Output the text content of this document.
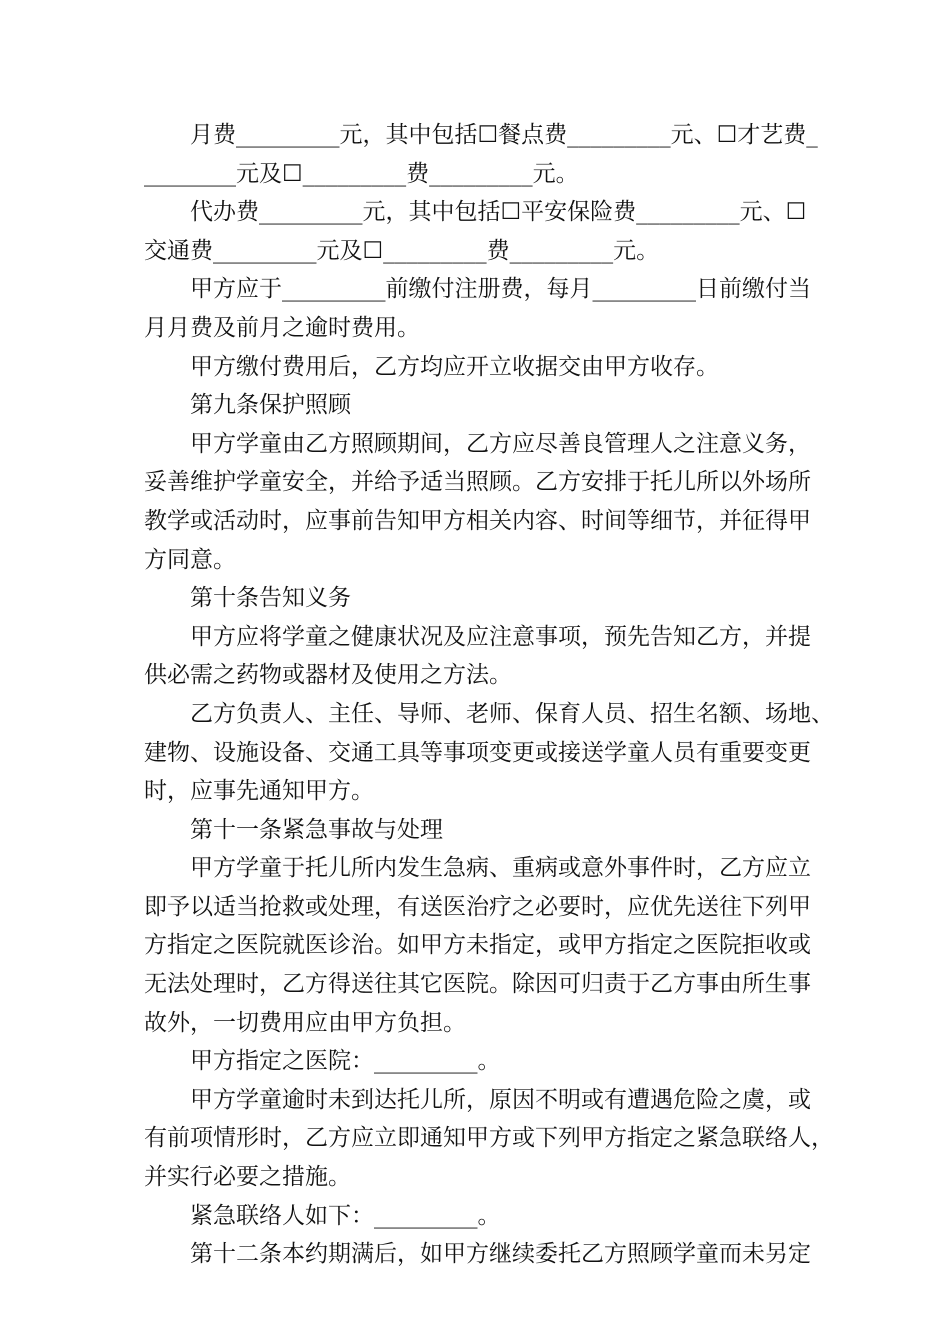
月费_________元，其中包括☐餐点费_________元、☐才艺费_
________元及☐_________费_________元。
代办费_________元，其中包括☐平安保险费_________元、☐
交通费_________元及☐_________费_________元。
甲方应于_________前缴付注册费，每月_________日前缴付当
月月费及前月之逾时费用。
甲方缴付费用后，乙方均应开立收据交由甲方收存。
第九条保护照顾
甲方学童由乙方照顾期间，乙方应尽善良管理人之注意义务，
妥善维护学童安全，并给予适当照顾。乙方安排于托儿所以外场所
教学或活动时，应事前告知甲方相关内容、时间等细节，并征得甲
方同意。
第十条告知义务
甲方应将学童之健康状况及应注意事项，预先告知乙方，并提
供必需之药物或器材及使用之方法。
乙方负责人、主任、导师、老师、保育人员、招生名额、场地、
建物、设施设备、交通工具等事项变更或接送学童人员有重要变更
时，应事先通知甲方。
第十一条紧急事故与处理
甲方学童于托儿所内发生急病、重病或意外事件时，乙方应立
即予以适当抢救或处理，有送医治疗之必要时，应优先送往下列甲
方指定之医院就医诊治。如甲方未指定，或甲方指定之医院拒收或
无法处理时，乙方得送往其它医院。除因可归责于乙方事由所生事
故外，一切费用应由甲方负担。
甲方指定之医院：_________。
甲方学童逾时未到达托儿所，原因不明或有遭遇危险之虞，或
有前项情形时，乙方应立即通知甲方或下列甲方指定之紧急联络人，
并实行必要之措施。
紧急联络人如下：_________。
第十二条本约期满后，如甲方继续委托乙方照顾学童而未另定
